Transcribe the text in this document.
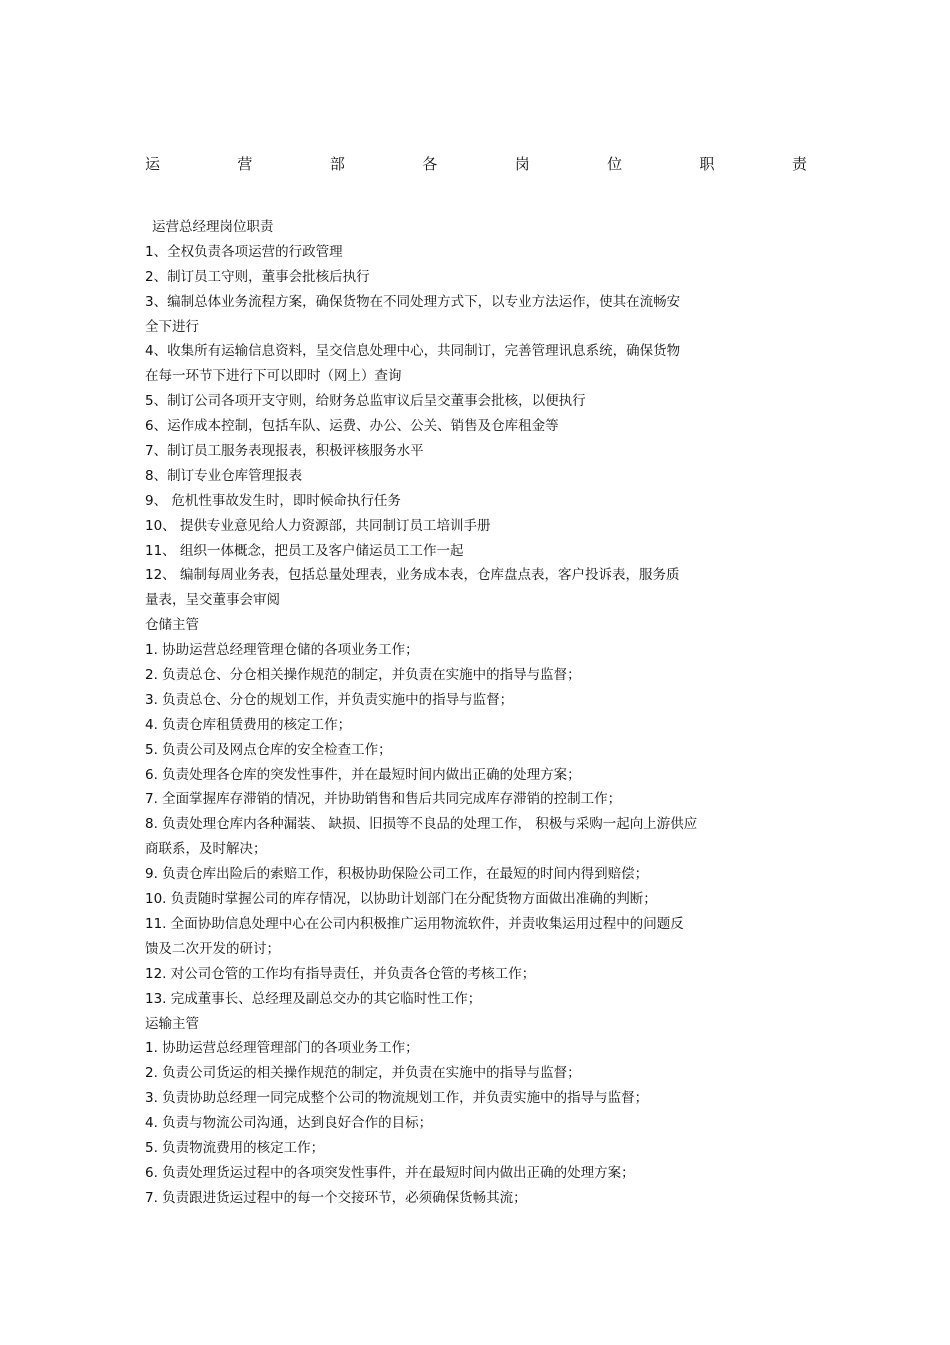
运	营	部	各	岗	位	职	责
运营总经理岗位职责
1、全权负责各项运营的行政管理
2、制订员工守则，董事会批核后执行
3、编制总体业务流程方案，确保货物在不同处理方式下，以专业方法运作，使其在流畅安
全下进行
4、收集所有运输信息资料，呈交信息处理中心，共同制订，完善管理讯息系统，确保货物
在每一环节下进行下可以即时（网上）查询
5、制订公司各项开支守则，给财务总监审议后呈交董事会批核，以便执行
6、运作成本控制，包括车队、运费、办公、公关、销售及仓库租金等
7、制订员工服务表现报表，积极评核服务水平
8、制订专业仓库管理报表
9、 危机性事故发生时，即时候命执行任务
10、 提供专业意见给人力资源部，共同制订员工培训手册
11、 组织一体概念，把员工及客户储运员工工作一起
12、 编制每周业务表，包括总量处理表，业务成本表，仓库盘点表，客户投诉表，服务质
量表，呈交董事会审阅
仓储主管
1. 协助运营总经理管理仓储的各项业务工作；
2. 负责总仓、分仓相关操作规范的制定，并负责在实施中的指导与监督；
3. 负责总仓、分仓的规划工作，并负责实施中的指导与监督；
4. 负责仓库租赁费用的核定工作；
5. 负责公司及网点仓库的安全检查工作；
6. 负责处理各仓库的突发性事件，并在最短时间内做出正确的处理方案；
7. 全面掌握库存滞销的情况，并协助销售和售后共同完成库存滞销的控制工作；
8. 负责处理仓库内各种漏装、 缺损、旧损等不良品的处理工作， 积极与采购一起向上游供应
商联系，及时解决；
9. 负责仓库出险后的索赔工作，积极协助保险公司工作，在最短的时间内得到赔偿；
10. 负责随时掌握公司的库存情况，以协助计划部门在分配货物方面做出准确的判断；
11. 全面协助信息处理中心在公司内积极推广运用物流软件，并责收集运用过程中的问题反
馈及二次开发的研讨；
12. 对公司仓管的工作均有指导责任，并负责各仓管的考核工作；
13. 完成董事长、总经理及副总交办的其它临时性工作；
运输主管
1. 协助运营总经理管理部门的各项业务工作；
2. 负责公司货运的相关操作规范的制定，并负责在实施中的指导与监督；
3. 负责协助总经理一同完成整个公司的物流规划工作，并负责实施中的指导与监督；
4. 负责与物流公司沟通，达到良好合作的目标；
5. 负责物流费用的核定工作；
6. 负责处理货运过程中的各项突发性事件，并在最短时间内做出正确的处理方案；
7. 负责跟进货运过程中的每一个交接环节，必须确保货畅其流；
